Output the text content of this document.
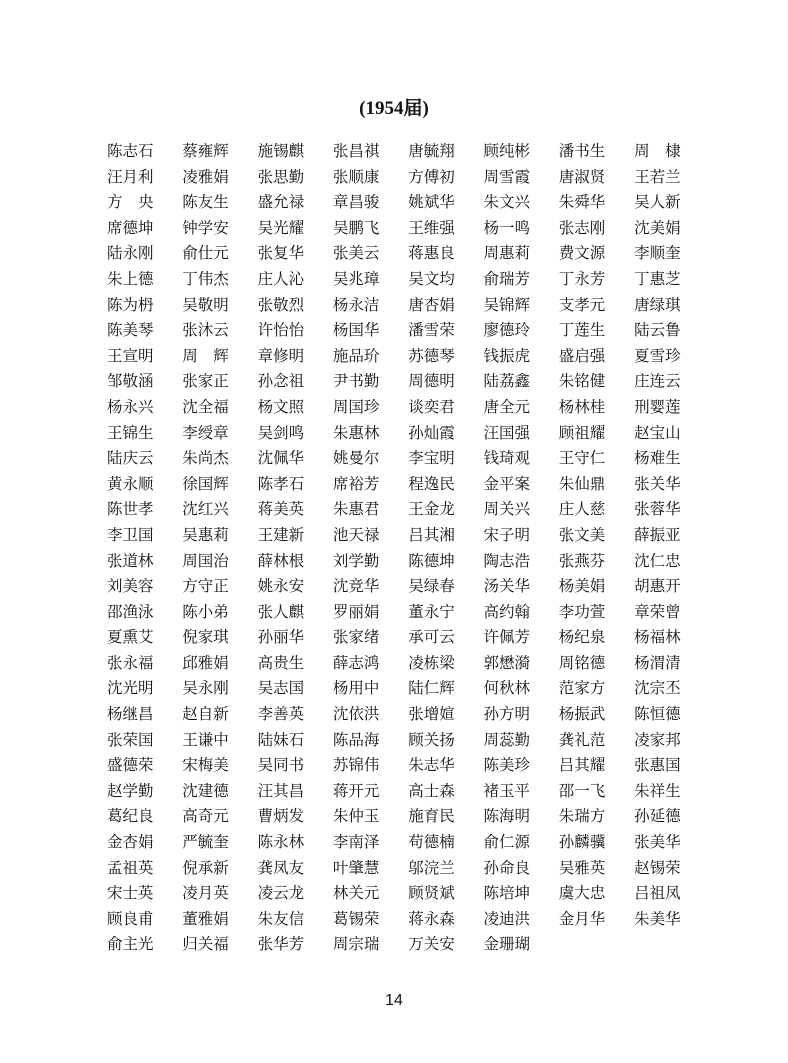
(1954届)
陈志石	蔡雍辉	施锡麒	张昌祺	唐毓翔	顾纯彬	潘书生	周　棣
汪月利	凌雅娟	张思勤	张顺康	方傅初	周雪霞	唐淑贤	王若兰
方　央	陈友生	盛允禄	章昌骏	姚斌华	朱文兴	朱舜华	吴人新
席德坤	钟学安	吴光耀	吴鹏飞	王维强	杨一鸣	张志刚	沈美娟
陆永刚	俞仕元	张复华	张美云	蒋惠良	周惠莉	费文源	李顺奎
朱上德	丁伟杰	庄人沁	吴兆璋	吴文均	俞瑞芳	丁永芳	丁惠芝
陈为枬	吴敬明	张敬烈	杨永洁	唐杏娟	吴锦辉	支孝元	唐绿琪
陈美琴	张沐云	许怡怡	杨国华	潘雪荣	廖德玲	丁莲生	陆云鲁
王宣明	周　辉	章修明	施品玠	苏德琴	钱振虎	盛启强	夏雪珍
邹敬涵	张家正	孙念祖	尹书勤	周德明	陆荔鑫	朱铭健	庄连云
杨永兴	沈全福	杨文照	周国珍	谈奕君	唐全元	杨林桂	刑婴莲
王锦生	李绶章	吴剑鸣	朱惠林	孙灿霞	汪国强	顾祖耀	赵宝山
陆庆云	朱尚杰	沈佩华	姚曼尔	李宝明	钱琦观	王守仁	杨难生
黄永顺	徐国辉	陈孝石	席裕芳	程逸民	金平案	朱仙鼎	张关华
陈世孝	沈红兴	蒋美英	朱惠君	王金龙	周关兴	庄人慈	张蓉华
李卫国	吴惠莉	王建新	池天禄	吕其湘	宋子明	张文美	薛振亚
张道林	周国治	薛林根	刘学勤	陈德坤	陶志浩	张燕芬	沈仁忠
刘美容	方守正	姚永安	沈竞华	吴绿春	汤关华	杨美娟	胡惠开
邵渔泳	陈小弟	张人麒	罗丽娟	董永宁	高约翰	李功萱	章荣曾
夏熏艾	倪家琪	孙丽华	张家绪	承可云	许佩芳	杨纪泉	杨福林
张永福	邱雅娟	高贵生	薛志鸿	凌栋梁	郭懋漪	周铭德	杨渭清
沈光明	吴永刚	吴志国	杨用中	陆仁辉	何秋林	范家方	沈宗丕
杨继昌	赵自新	李善英	沈依洪	张增媗	孙方明	杨振武	陈恒德
张荣国	王谦中	陆妹石	陈品海	顾关扬	周蕊勤	龚礼范	凌家邦
盛德荣	宋梅美	吴同书	苏锦伟	朱志华	陈美珍	吕其耀	张惠国
赵学勤	沈建德	汪其昌	蒋开元	高士森	褚玉平	邵一飞	朱祥生
葛纪良	高奇元	曹炳发	朱仲玉	施育民	陈海明	朱瑞方	孙延德
金杏娟	严毓奎	陈永林	李南泽	苟德楠	俞仁源	孙麟骥	张美华
孟祖英	倪承新	龚凤友	叶肇慧	邬浣兰	孙命良	吴雅英	赵锡荣
宋士英	凌月英	凌云龙	林关元	顾贤斌	陈培坤	虞大忠	吕祖凤
顾良甫	董雅娟	朱友信	葛锡荣	蒋永森	凌迪洪	金月华	朱美华
俞主光	归关福	张华芳	周宗瑞	万关安	金珊瑚
14
